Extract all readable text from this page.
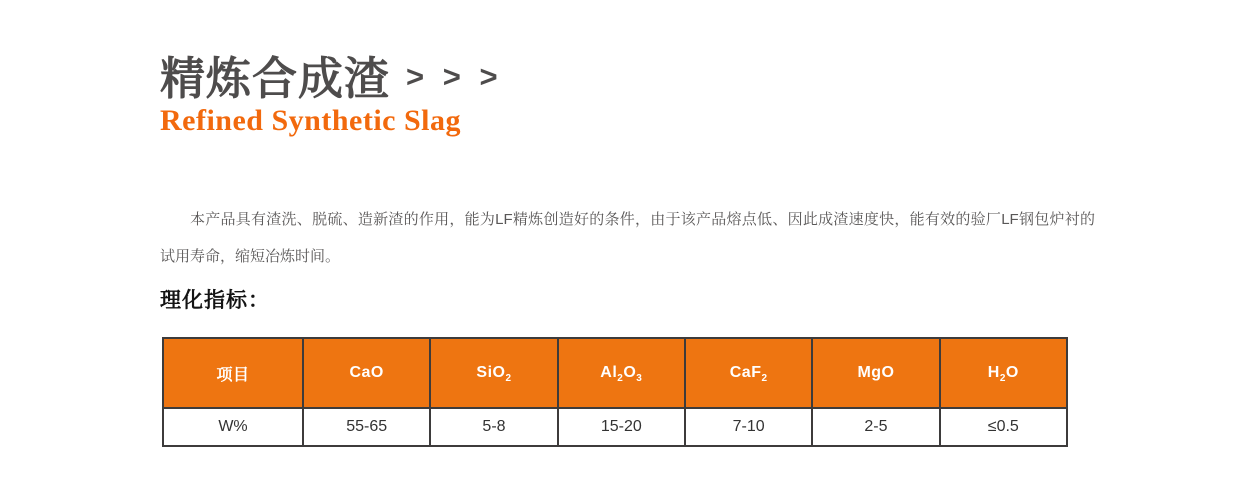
精炼合成渣 > > >
Refined Synthetic Slag

本产品具有渣洗、脱硫、造新渣的作用，能为LF精炼创造好的条件，由于该产品熔点低、因此成渣速度快，能有效的验厂LF钢包炉衬的试用寿命，缩短冶炼时间。

理化指标：
项目	CaO	SiO$_2$	$Al_2O_3$	CaF$_2$	MgO	$H_2O$
W%	55-65	5-8	15-20	7-10	2-5	≤0.5
